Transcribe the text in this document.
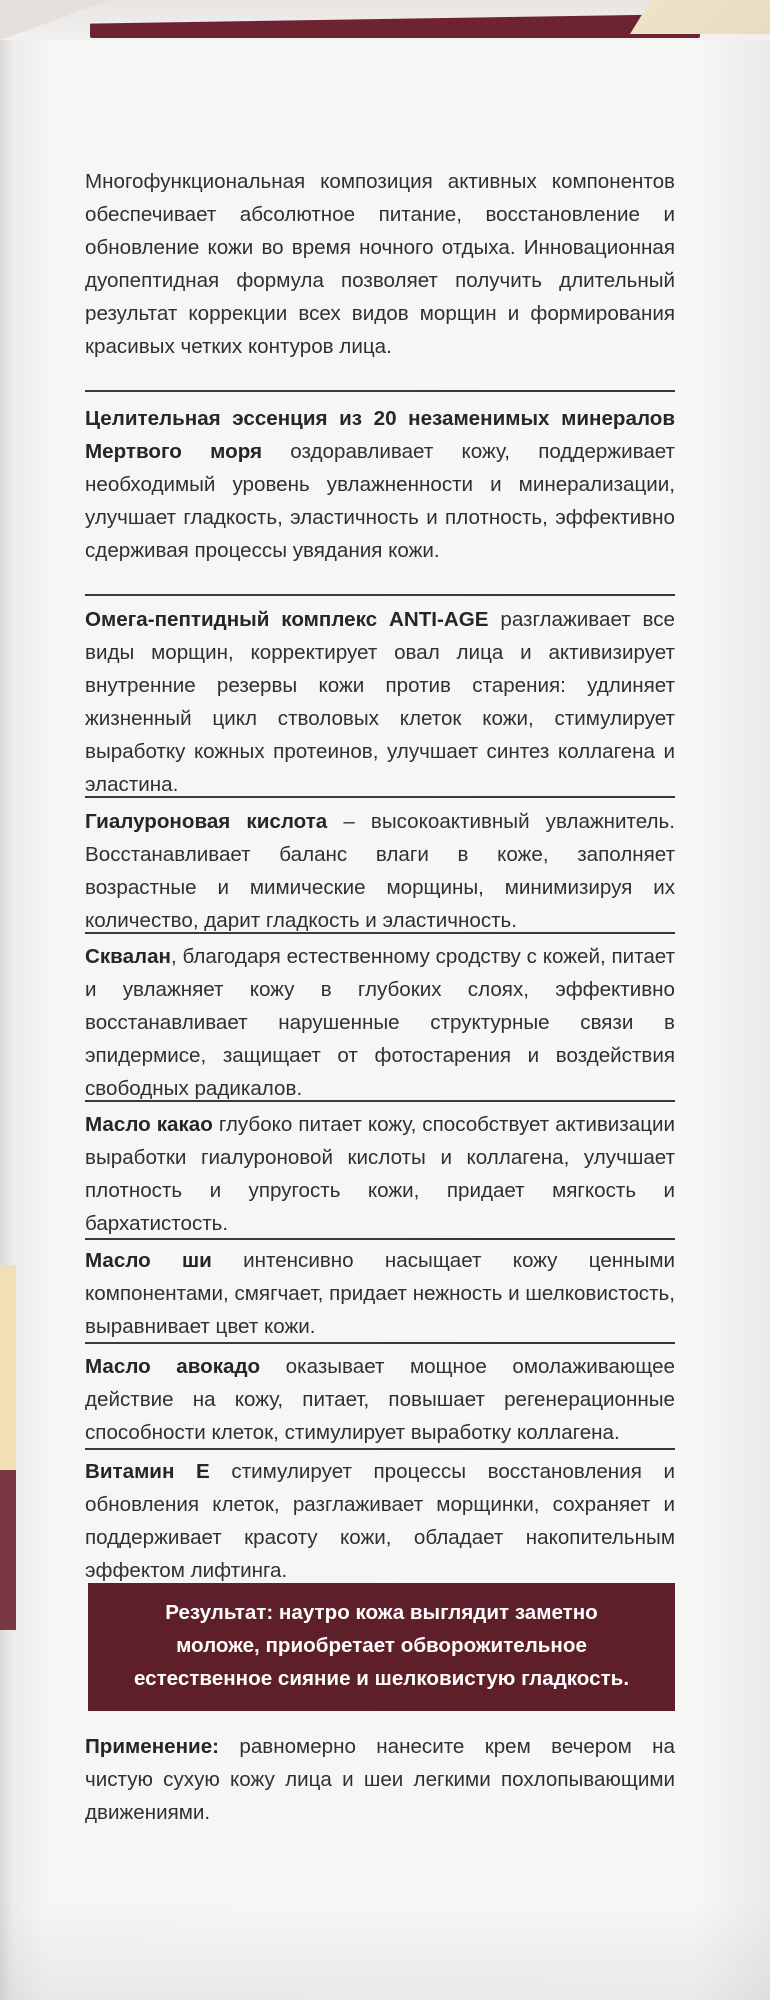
Многофункциональная композиция активных компонентов обеспечивает абсолютное питание, восстановление и обновление кожи во время ночного отдыха. Инновационная дуопептидная формула позволяет получить длительный результат коррекции всех видов морщин и формирования красивых четких контуров лица.
Целительная эссенция из 20 незаменимых минералов Мертвого моря оздоравливает кожу, поддерживает необходимый уровень увлажненности и минерализации, улучшает гладкость, эластичность и плотность, эффективно сдерживая процессы увядания кожи.
Омега-пептидный комплекс ANTI-AGE разглаживает все виды морщин, корректирует овал лица и активизирует внутренние резервы кожи против старения: удлиняет жизненный цикл стволовых клеток кожи, стимулирует выработку кожных протеинов, улучшает синтез коллагена и эластина.
Гиалуроновая кислота – высокоактивный увлажнитель. Восстанавливает баланс влаги в коже, заполняет возрастные и мимические морщины, минимизируя их количество, дарит гладкость и эластичность.
Сквалан, благодаря естественному сродству с кожей, питает и увлажняет кожу в глубоких слоях, эффективно восстанавливает нарушенные структурные связи в эпидермисе, защищает от фотостарения и воздействия свободных радикалов.
Масло какао глубоко питает кожу, способствует активизации выработки гиалуроновой кислоты и коллагена, улучшает плотность и упругость кожи, придает мягкость и бархатистость.
Масло ши интенсивно насыщает кожу ценными компонентами, смягчает, придает нежность и шелковистость, выравнивает цвет кожи.
Масло авокадо оказывает мощное омолаживающее действие на кожу, питает, повышает регенерационные способности клеток, стимулирует выработку коллагена.
Витамин Е стимулирует процессы восстановления и обновления клеток, разглаживает морщинки, сохраняет и поддерживает красоту кожи, обладает накопительным эффектом лифтинга.
Результат: наутро кожа выглядит заметно
моложе, приобретает обворожительное
естественное сияние и шелковистую гладкость.
Применение: равномерно нанесите крем вечером на чистую сухую кожу лица и шеи легкими похлопывающими движениями.
